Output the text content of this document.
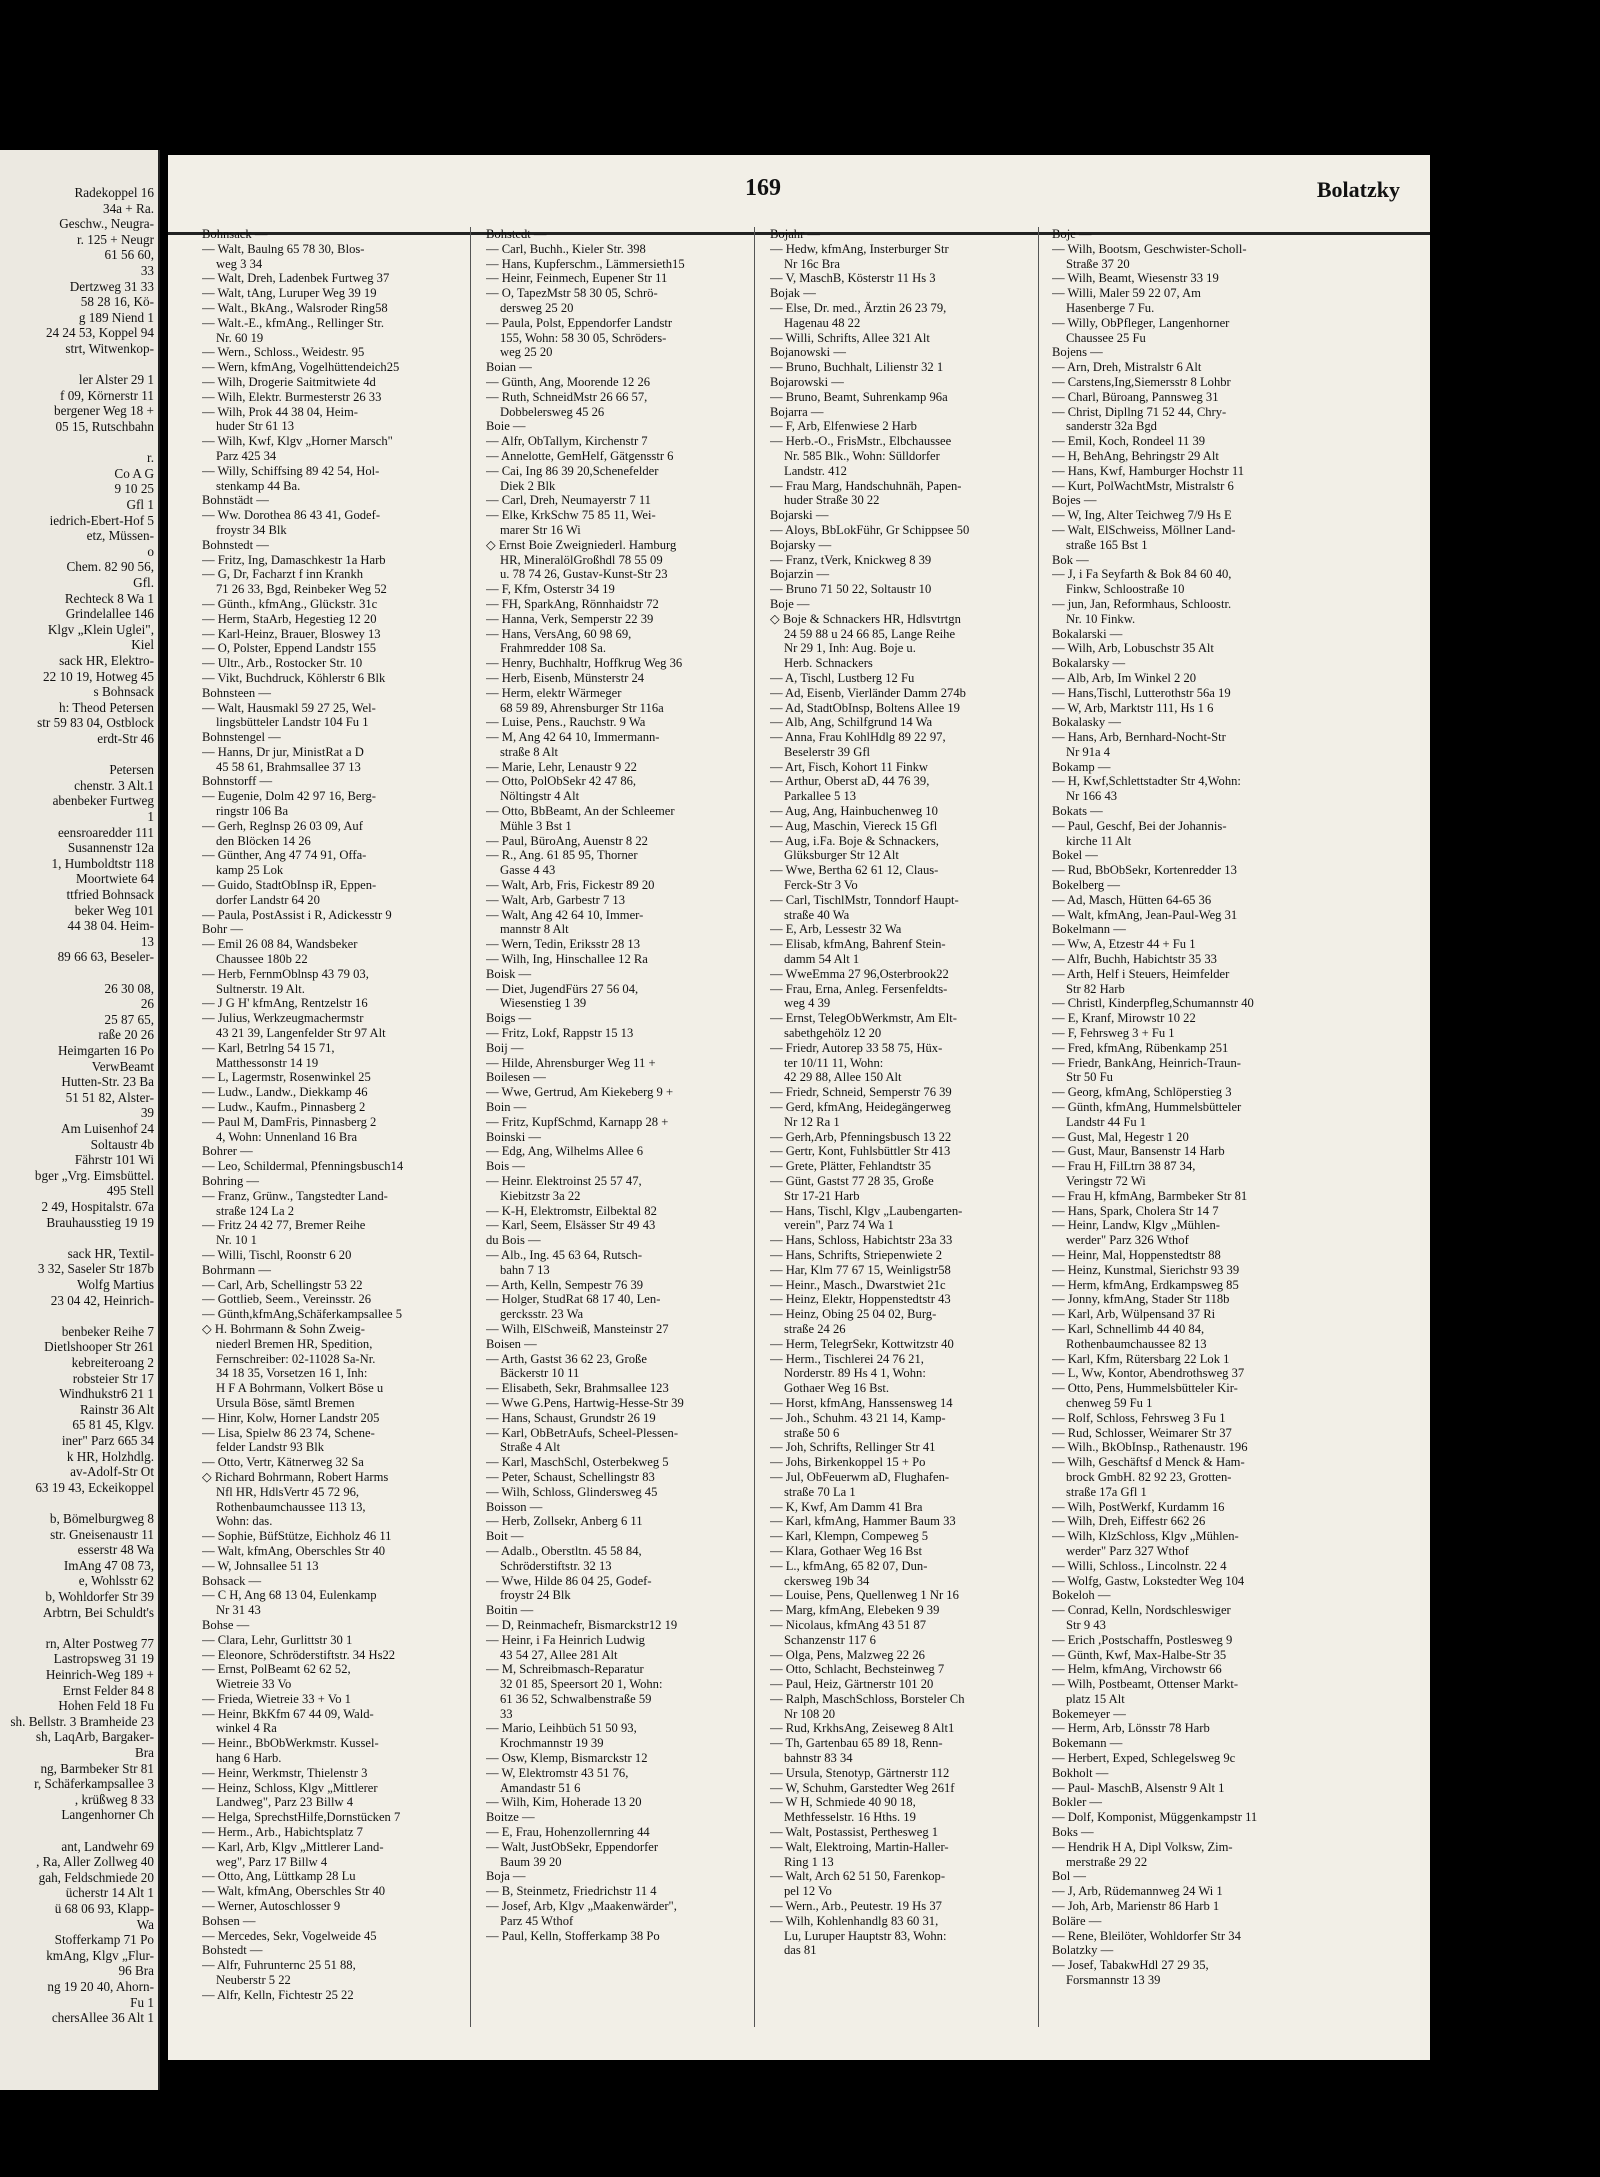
Radekoppel 16
34a + Ra.
Geschw., Neugra-
r. 125 + Neugr
61 56 60,
33
Dertzweg 31 33
58 28 16, Kö-
g 189 Niend 1
24 24 53, Koppel 94
strt, Witwenkop-
ler Alster 29 1
f 09, Körnerstr 11
bergener Weg 18 +
05 15, Rutschbahn
r.
Co A G
9 10 25
Gfl 1
iedrich-Ebert-Hof 5
etz, Müssen-
o
Chem. 82 90 56,
Gfl.
Rechteck 8 Wa 1
Grindelallee 146
Klgv „Klein Uglei",
Kiel
sack HR, Elektro-
22 10 19, Hotweg 45
s Bohnsack
h: Theod Petersen
str 59 83 04, Ostblock
erdt-Str 46
Petersen
chenstr. 3 Alt.1
abenbeker Furtweg
1
eensroaredder 111
Susannenstr 12a
1, Humboldtstr 118
Moortwiete 64
ttfried Bohnsack
beker Weg 101
44 38 04. Heim-
13
89 66 63, Beseler-
26 30 08,
26
25 87 65,
raße 20 26
Heimgarten 16 Po
VerwBeamt
Hutten-Str. 23 Ba
51 51 82, Alster-
39
Am Luisenhof 24
Soltaustr 4b
Fährstr 101 Wi
bger „Vrg. Eimsbüttel.
495 Stell
2 49, Hospitalstr. 67a
Brauhausstieg 19 19
sack HR, Textil-
3 32, Saseler Str 187b
Wolfg Martius
23 04 42, Heinrich-
benbeker Reihe 7
Dietlshooper Str 261
kebreiteroang 2
robsteier Str 17
Windhukstr6 21 1
Rainstr 36 Alt
65 81 45, Klgv.
iner" Parz 665 34
k HR, Holzhdlg.
av-Adolf-Str Ot
63 19 43, Eckeikoppel
b, Bömelburgweg 8
str. Gneisenaustr 11
esserstr 48 Wa
ImAng 47 08 73,
e, Wohlsstr 62
b, Wohldorfer Str 39
Arbtrn, Bei Schuldt's
rn, Alter Postweg 77
Lastropsweg 31 19
Heinrich-Weg 189 +
Ernst Felder 84 8
Hohen Feld 18 Fu
sh. Bellstr. 3 Bramheide 23
sh, LaqArb, Bargaker-
Bra
ng, Barmbeker Str 81
r, Schäferkampsallee 3
, krüßweg 8 33
Langenhorner Ch
ant, Landwehr 69
, Ra, Aller Zollweg 40
gah, Feldschmiede 20
ücherstr 14 Alt 1
ü 68 06 93, Klapp-
Wa
Stofferkamp 71 Po
kmAng, Klgv „Flur-
96 Bra
ng 19 20 40, Ahorn-
Fu 1
chersAllee 36 Alt 1
169	Bolatzky
Bohnsack —
— Walt, Baulng 65 78 30, Blos-
weg 3 34
— Walt, Dreh, Ladenbek Furtweg 37
— Walt, tAng, Luruper Weg 39 19
— Walt., BkAng., Walsroder Ring58
— Walt.-E., kfmAng., Rellinger Str.
Nr. 60 19
— Wern., Schloss., Weidestr. 95
— Wern, kfmAng, Vogelhüttendeich25
— Wilh, Drogerie Saitmitwiete 4d
— Wilh, Elektr. Burmesterstr 26 33
— Wilh, Prok 44 38 04, Heim-
huder Str 61 13
— Wilh, Kwf, Klgv „Horner Marsch"
Parz 425 34
— Willy, Schiffsing 89 42 54, Hol-
stenkamp 44 Ba.
Bohnstädt —
— Ww. Dorothea 86 43 41, Godef-
froystr 34 Blk
Bohnstedt —
— Fritz, Ing, Damaschkestr 1a Harb
— G, Dr, Facharzt f inn Krankh
71 26 33, Bgd, Reinbeker Weg 52
— Günth., kfmAng., Glückstr. 31c
— Herm, StaArb, Hegestieg 12 20
— Karl-Heinz, Brauer, Bloswey 13
— O, Polster, Eppend Landstr 155
— Ultr., Arb., Rostocker Str. 10
— Vikt, Buchdruck, Köhlerstr 6 Blk
Bohnsteen —
— Walt, Hausmakl 59 27 25, Wel-
lingsbütteler Landstr 104 Fu 1
Bohnstengel —
— Hanns, Dr jur, MinistRat a D
45 58 61, Brahmsallee 37 13
Bohnstorff —
— Eugenie, Dolm 42 97 16, Berg-
ringstr 106 Ba
— Gerh, Reglnsp 26 03 09, Auf
den Blöcken 14 26
— Günther, Ang 47 74 91, Offa-
kamp 25 Lok
— Guido, StadtObInsp iR, Eppen-
dorfer Landstr 64 20
— Paula, PostAssist i R, Adickesstr 9
Bohr —
— Emil 26 08 84, Wandsbeker
Chaussee 180b 22
— Herb, FernmOblnsp 43 79 03,
Sultnerstr. 19 Alt.
— J G H' kfmAng, Rentzelstr 16
— Julius, Werkzeugmachermstr
43 21 39, Langenfelder Str 97 Alt
— Karl, Betrlng 54 15 71,
Matthessonstr 14 19
— L, Lagermstr, Rosenwinkel 25
— Ludw., Landw., Diekkamp 46
— Ludw., Kaufm., Pinnasberg 2
— Paul M, DamFris, Pinnasberg 2
4, Wohn: Unnenland 16 Bra
Bohrer —
— Leo, Schildermal, Pfenningsbusch14
Bohring —
— Franz, Grünw., Tangstedter Land-
straße 124 La 2
— Fritz 24 42 77, Bremer Reihe
Nr. 10 1
— Willi, Tischl, Roonstr 6 20
Bohrmann —
— Carl, Arb, Schellingstr 53 22
— Gottlieb, Seem., Vereinsstr. 26
— Günth,kfmAng,Schäferkampsallee 5
◇ H. Bohrmann & Sohn Zweig-
niederl Bremen HR, Spedition,
Fernschreiber: 02-11028 Sa-Nr.
34 18 35, Vorsetzen 16 1, Inh:
H F A Bohrmann, Volkert Böse u
Ursula Böse, sämtl Bremen
— Hinr, Kolw, Horner Landstr 205
— Lisa, Spielw 86 23 74, Schene-
felder Landstr 93 Blk
— Otto, Vertr, Kätnerweg 32 Sa
◇ Richard Bohrmann, Robert Harms
Nfl HR, HdlsVertr 45 72 96,
Rothenbaumchaussee 113 13,
Wohn: das.
— Sophie, BüfStütze, Eichholz 46 11
— Walt, kfmAng, Oberschles Str 40
— W, Johnsallee 51 13
Bohsack —
— C H, Ang 68 13 04, Eulenkamp
Nr 31 43
Bohse —
— Clara, Lehr, Gurlittstr 30 1
— Eleonore, Schröderstiftstr. 34 Hs22
— Ernst, PolBeamt 62 62 52,
Wietreie 33 Vo
— Frieda, Wietreie 33 + Vo 1
— Heinr, BkKfm 67 44 09, Wald-
winkel 4 Ra
— Heinr., BbObWerkmstr. Kussel-
hang 6 Harb.
— Heinr, Werkmstr, Thielenstr 3
— Heinz, Schloss, Klgv „Mittlerer
Landweg", Parz 23 Billw 4
— Helga, SprechstHilfe,Dornstücken 7
— Herm., Arb., Habichtsplatz 7
— Karl, Arb, Klgv „Mittlerer Land-
weg", Parz 17 Billw 4
— Otto, Ang, Lüttkamp 28 Lu
— Walt, kfmAng, Oberschles Str 40
— Werner, Autoschlosser 9
Bohsen —
— Mercedes, Sekr, Vogelweide 45
Bohstedt —
— Alfr, Fuhrunternc 25 51 88,
Neuberstr 5 22
— Alfr, Kelln, Fichtestr 25 22
Bohstedt —
— Carl, Buchh., Kieler Str. 398
— Hans, Kupferschm., Lämmersieth15
— Heinr, Feinmech, Eupener Str 11
— O, TapezMstr 58 30 05, Schrö-
dersweg 25 20
— Paula, Polst, Eppendorfer Landstr
155, Wohn: 58 30 05, Schröders-
weg 25 20
Boian —
— Günth, Ang, Moorende 12 26
— Ruth, SchneidMstr 26 66 57,
Dobbelersweg 45 26
Boie —
— Alfr, ObTallym, Kirchenstr 7
— Annelotte, GemHelf, Gätgensstr 6
— Cai, Ing 86 39 20,Schenefelder
Diek 2 Blk
— Carl, Dreh, Neumayerstr 7 11
— Elke, KrkSchw 75 85 11, Wei-
marer Str 16 Wi
◇ Ernst Boie Zweigniederl. Hamburg
HR, MineralölGroßhdl 78 55 09
u. 78 74 26, Gustav-Kunst-Str 23
— F, Kfm, Osterstr 34 19
— FH, SparkAng, Rönnhaidstr 72
— Hanna, Verk, Semperstr 22 39
— Hans, VersAng, 60 98 69,
Frahmredder 108 Sa.
— Henry, Buchhaltr, Hoffkrug Weg 36
— Herb, Eisenb, Münsterstr 24
— Herm, elektr Wärmeger
68 59 89, Ahrensburger Str 116a
— Luise, Pens., Rauchstr. 9 Wa
— M, Ang 42 64 10, Immermann-
straße 8 Alt
— Marie, Lehr, Lenaustr 9 22
— Otto, PolObSekr 42 47 86,
Nöltingstr 4 Alt
— Otto, BbBeamt, An der Schleemer
Mühle 3 Bst 1
— Paul, BüroAng, Auenstr 8 22
— R., Ang. 61 85 95, Thorner
Gasse 4 43
— Walt, Arb, Fris, Fickestr 89 20
— Walt, Arb, Garbestr 7 13
— Walt, Ang 42 64 10, Immer-
mannstr 8 Alt
— Wern, Tedin, Eriksstr 28 13
— Wilh, Ing, Hinschallee 12 Ra
Boisk —
— Diet, JugendFürs 27 56 04,
Wiesenstieg 1 39
Boigs —
— Fritz, Lokf, Rappstr 15 13
Boij —
— Hilde, Ahrensburger Weg 11 +
Boilesen —
— Wwe, Gertrud, Am Kiekeberg 9 +
Boin —
— Fritz, KupfSchmd, Karnapp 28 +
Boinski —
— Edg, Ang, Wilhelms Allee 6
Bois —
— Heinr. Elektroinst 25 57 47,
Kiebitzstr 3a 22
— K-H, Elektromstr, Eilbektal 82
— Karl, Seem, Elsässer Str 49 43
du Bois —
— Alb., Ing. 45 63 64, Rutsch-
bahn 7 13
— Arth, Kelln, Sempestr 76 39
— Holger, StudRat 68 17 40, Len-
gercksstr. 23 Wa
— Wilh, ElSchweiß, Mansteinstr 27
Boisen —
— Arth, Gastst 36 62 23, Große
Bäckerstr 10 11
— Elisabeth, Sekr, Brahmsallee 123
— Wwe G.Pens, Hartwig-Hesse-Str 39
— Hans, Schaust, Grundstr 26 19
— Karl, ObBetrAufs, Scheel-Plessen-
Straße 4 Alt
— Karl, MaschSchl, Osterbekweg 5
— Peter, Schaust, Schellingstr 83
— Wilh, Schloss, Glindersweg 45
Boisson —
— Herb, Zollsekr, Anberg 6 11
Boit —
— Adalb., Oberstltn. 45 58 84,
Schröderstiftstr. 32 13
— Wwe, Hilde 86 04 25, Godef-
froystr 24 Blk
Boitin —
— D, Reinmachefr, Bismarckstr12 19
— Heinr, i Fa Heinrich Ludwig
43 54 27, Allee 281 Alt
— M, Schreibmasch-Reparatur
32 01 85, Speersort 20 1, Wohn:
61 36 52, Schwalbenstraße 59
33
— Mario, Leihbüch 51 50 93,
Krochmannstr 19 39
— Osw, Klemp, Bismarckstr 12
— W, Elektromstr 43 51 76,
Amandastr 51 6
— Wilh, Kim, Hoherade 13 20
Boitze —
— E, Frau, Hohenzollernring 44
— Walt, JustObSekr, Eppendorfer
Baum 39 20
Boja —
— B, Steinmetz, Friedrichstr 11 4
— Josef, Arb, Klgv „Maakenwärder",
Parz 45 Wthof
— Paul, Kelln, Stofferkamp 38 Po
Bojahr —
— Hedw, kfmAng, Insterburger Str
Nr 16c Bra
— V, MaschB, Kösterstr 11 Hs 3
Bojak —
— Else, Dr. med., Ärztin 26 23 79,
Hagenau 48 22
— Willi, Schrifts, Allee 321 Alt
Bojanowski —
— Bruno, Buchhalt, Lilienstr 32 1
Bojarowski —
— Bruno, Beamt, Suhrenkamp 96a
Bojarra —
— F, Arb, Elfenwiese 2 Harb
— Herb.-O., FrisMstr., Elbchaussee
Nr. 585 Blk., Wohn: Sülldorfer
Landstr. 412
— Frau Marg, Handschuhnäh, Papen-
huder Straße 30 22
Bojarski —
— Aloys, BbLokFühr, Gr Schippsee 50
Bojarsky —
— Franz, tVerk, Knickweg 8 39
Bojarzin —
— Bruno 71 50 22, Soltaustr 10
Boje —
◇ Boje & Schnackers HR, Hdlsvtrtgn
24 59 88 u 24 66 85, Lange Reihe
Nr 29 1, Inh: Aug. Boje u.
Herb. Schnackers
— A, Tischl, Lustberg 12 Fu
— Ad, Eisenb, Vierländer Damm 274b
— Ad, StadtObInsp, Boltens Allee 19
— Alb, Ang, Schilfgrund 14 Wa
— Anna, Frau KohlHdlg 89 22 97,
Beselerstr 39 Gfl
— Art, Fisch, Kohort 11 Finkw
— Arthur, Oberst aD, 44 76 39,
Parkallee 5 13
— Aug, Ang, Hainbuchenweg 10
— Aug, Maschin, Viereck 15 Gfl
— Aug, i.Fa. Boje & Schnackers,
Glüksburger Str 12 Alt
— Wwe, Bertha 62 61 12, Claus-
Ferck-Str 3 Vo
— Carl, TischlMstr, Tonndorf Haupt-
straße 40 Wa
— E, Arb, Lessestr 32 Wa
— Elisab, kfmAng, Bahrenf Stein-
damm 54 Alt 1
— WweEmma 27 96,Osterbrook22
— Frau, Erna, Anleg. Fersenfeldts-
weg 4 39
— Ernst, TelegObWerkmstr, Am Elt-
sabethgehölz 12 20
— Friedr, Autorep 33 58 75, Hüx-
ter 10/11 11, Wohn:
42 29 88, Allee 150 Alt
— Friedr, Schneid, Semperstr 76 39
— Gerd, kfmAng, Heidegängerweg
Nr 12 Ra 1
— Gerh,Arb, Pfenningsbusch 13 22
— Gertr, Kont, Fuhlsbüttler Str 413
— Grete, Plätter, Fehlandtstr 35
— Günt, Gastst 77 28 35, Große
Str 17-21 Harb
— Hans, Tischl, Klgv „Laubengarten-
verein", Parz 74 Wa 1
— Hans, Schloss, Habichtstr 23a 33
— Hans, Schrifts, Striepenwiete 2
— Har, Klm 77 67 15, Weinligstr58
— Heinr., Masch., Dwarstwiet 21c
— Heinz, Elektr, Hoppenstedtstr 43
— Heinz, Obing 25 04 02, Burg-
straße 24 26
— Herm, TelegrSekr, Kottwitzstr 40
— Herm., Tischlerei 24 76 21,
Norderstr. 89 Hs 4 1, Wohn:
Gothaer Weg 16 Bst.
— Horst, kfmAng, Hanssensweg 14
— Joh., Schuhm. 43 21 14, Kamp-
straße 50 6
— Joh, Schrifts, Rellinger Str 41
— Johs, Birkenkoppel 15 + Po
— Jul, ObFeuerwm aD, Flughafen-
straße 70 La 1
— K, Kwf, Am Damm 41 Bra
— Karl, kfmAng, Hammer Baum 33
— Karl, Klempn, Compeweg 5
— Klara, Gothaer Weg 16 Bst
— L., kfmAng, 65 82 07, Dun-
ckersweg 19b 34
— Louise, Pens, Quellenweg 1 Nr 16
— Marg, kfmAng, Elebeken 9 39
— Nicolaus, kfmAng 43 51 87
Schanzenstr 117 6
— Olga, Pens, Malzweg 22 26
— Otto, Schlacht, Bechsteinweg 7
— Paul, Heiz, Gärtnerstr 101 20
— Ralph, MaschSchloss, Borsteler Ch
Nr 108 20
— Rud, KrkhsAng, Zeiseweg 8 Alt1
— Th, Gartenbau 65 89 18, Renn-
bahnstr 83 34
— Ursula, Stenotyp, Gärtnerstr 112
— W, Schuhm, Garstedter Weg 261f
— W H, Schmiede 40 90 18,
Methfesselstr. 16 Hths. 19
— Walt, Postassist, Perthesweg 1
— Walt, Elektroing, Martin-Haller-
Ring 1 13
— Walt, Arch 62 51 50, Farenkop-
pel 12 Vo
— Wern., Arb., Peutestr. 19 Hs 37
— Wilh, Kohlenhandlg 83 60 31,
Lu, Luruper Hauptstr 83, Wohn:
das 81
Boje —
— Wilh, Bootsm, Geschwister-Scholl-
Straße 37 20
— Wilh, Beamt, Wiesenstr 33 19
— Willi, Maler 59 22 07, Am
Hasenberge 7 Fu.
— Willy, ObPfleger, Langenhorner
Chaussee 25 Fu
Bojens —
— Arn, Dreh, Mistralstr 6 Alt
— Carstens,Ing,Siemersstr 8 Lohbr
— Charl, Büroang, Pannsweg 31
— Christ, Dipllng 71 52 44, Chry-
sanderstr 32a Bgd
— Emil, Koch, Rondeel 11 39
— H, BehAng, Behringstr 29 Alt
— Hans, Kwf, Hamburger Hochstr 11
— Kurt, PolWachtMstr, Mistralstr 6
Bojes —
— W, Ing, Alter Teichweg 7/9 Hs E
— Walt, ElSchweiss, Möllner Land-
straße 165 Bst 1
Bok —
— J, i Fa Seyfarth & Bok 84 60 40,
Finkw, Schloostraße 10
— jun, Jan, Reformhaus, Schloostr.
Nr. 10 Finkw.
Bokalarski —
— Wilh, Arb, Lobuschstr 35 Alt
Bokalarsky —
— Alb, Arb, Im Winkel 2 20
— Hans,Tischl, Lutterothstr 56a 19
— W, Arb, Marktstr 111, Hs 1 6
Bokalasky —
— Hans, Arb, Bernhard-Nocht-Str
Nr 91a 4
Bokamp —
— H, Kwf,Schlettstadter Str 4,Wohn:
Nr 166 43
Bokats —
— Paul, Geschf, Bei der Johannis-
kirche 11 Alt
Bokel —
— Rud, BbObSekr, Kortenredder 13
Bokelberg —
— Ad, Masch, Hütten 64-65 36
— Walt, kfmAng, Jean-Paul-Weg 31
Bokelmann —
— Ww, A, Etzestr 44 + Fu 1
— Alfr, Buchh, Habichtstr 35 33
— Arth, Helf i Steuers, Heimfelder
Str 82 Harb
— Christl, Kinderpfleg,Schumannstr 40
— E, Kranf, Mirowstr 10 22
— F, Fehrsweg 3 + Fu 1
— Fred, kfmAng, Rübenkamp 251
— Friedr, BankAng, Heinrich-Traun-
Str 50 Fu
— Georg, kfmAng, Schlöperstieg 3
— Günth, kfmAng, Hummelsbütteler
Landstr 44 Fu 1
— Gust, Mal, Hegestr 1 20
— Gust, Maur, Bansenstr 14 Harb
— Frau H, FilLtrn 38 87 34,
Veringstr 72 Wi
— Frau H, kfmAng, Barmbeker Str 81
— Hans, Spark, Cholera Str 14 7
— Heinr, Landw, Klgv „Mühlen-
werder" Parz 326 Wthof
— Heinr, Mal, Hoppenstedtstr 88
— Heinz, Kunstmal, Sierichstr 93 39
— Herm, kfmAng, Erdkampsweg 85
— Jonny, kfmAng, Stader Str 118b
— Karl, Arb, Wülpensand 37 Ri
— Karl, Schnellimb 44 40 84,
Rothenbaumchaussee 82 13
— Karl, Kfm, Rütersbarg 22 Lok 1
— L, Ww, Kontor, Abendrothsweg 37
— Otto, Pens, Hummelsbütteler Kir-
chenweg 59 Fu 1
— Rolf, Schloss, Fehrsweg 3 Fu 1
— Rud, Schlosser, Weimarer Str 37
— Wilh., BkObInsp., Rathenaustr. 196
— Wilh, Geschäftsf d Menck & Ham-
brock GmbH. 82 92 23, Grotten-
straße 17a Gfl 1
— Wilh, PostWerkf, Kurdamm 16
— Wilh, Dreh, Eiffestr 662 26
— Wilh, KlzSchloss, Klgv „Mühlen-
werder" Parz 327 Wthof
— Willi, Schloss., Lincolnstr. 22 4
— Wolfg, Gastw, Lokstedter Weg 104
Bokeloh —
— Conrad, Kelln, Nordschleswiger
Str 9 43
— Erich ,Postschaffn, Postlesweg 9
— Günth, Kwf, Max-Halbe-Str 35
— Helm, kfmAng, Virchowstr 66
— Wilh, Postbeamt, Ottenser Markt-
platz 15 Alt
Bokemeyer —
— Herm, Arb, Lönsstr 78 Harb
Bokemann —
— Herbert, Exped, Schlegelsweg 9c
Bokholt —
— Paul- MaschB, Alsenstr 9 Alt 1
Bokler —
— Dolf, Komponist, Müggenkampstr 11
Boks —
— Hendrik H A, Dipl Volksw, Zim-
merstraße 29 22
Bol —
— J, Arb, Rüdemannweg 24 Wi 1
— Joh, Arb, Marienstr 86 Harb 1
Boläre —
— Rene, Bleilöter, Wohldorfer Str 34
Bolatzky —
— Josef, TabakwHdl 27 29 35,
Forsmannstr 13 39
